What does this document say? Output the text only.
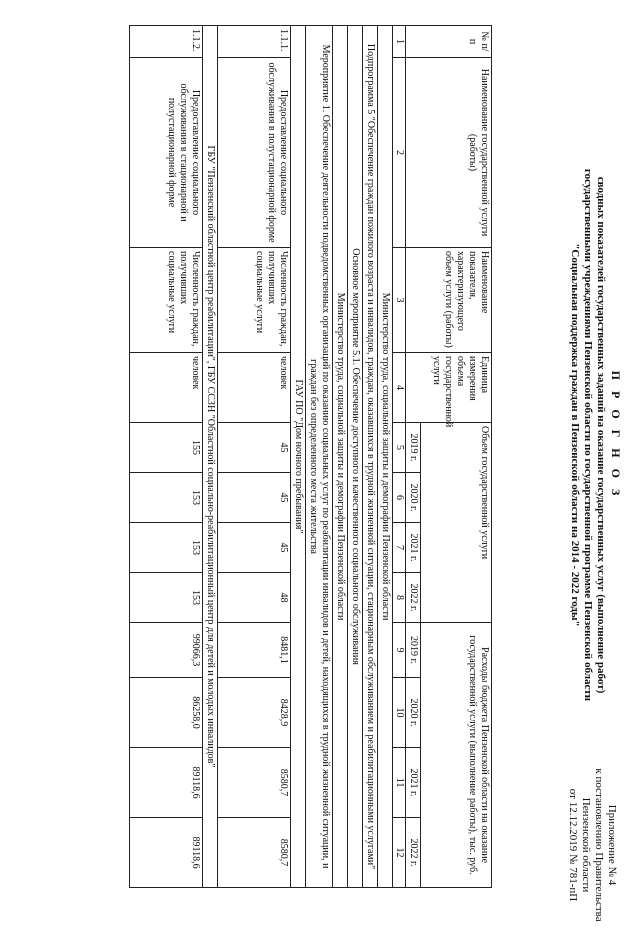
Приложение № 4
к постановлению Правительства
Пензенской области
от 12.12.2019 № 781-пП
П Р О Г Н О З
сводных показателей государственных заданий на оказание государственных услуг (выполнение работ)
государственными учреждениями Пензенской области по государственной программе Пензенской области
"Социальная поддержка граждан в Пензенской области на 2014 - 2022 годы"
№ п/п	Наименование государственной услуги (работы)	Наименование показателя, характеризующего объем услуги (работы)	Единица измерения объема государственной услуги	Объем государственной услуги				Расходы бюджета Пензенской области на оказание государственной услуги (выполнение работы), тыс. руб.			
				2019 г.	2020 г.	2021 г.	2022 г.	2019 г.	2020 г.	2021 г.	2022 г.
1	2	3	4	5	6	7	8	9	10	11	12
Министерство труда, социальной защиты и демографии Пензенской области											
Подпрограмма 5 "Обеспечение граждан пожилого возраста и инвалидов, граждан, оказавшихся в трудной жизненной ситуации, стационарным обслуживанием и реабилитационными услугами"											
Основное мероприятие 5.1. Обеспечение доступного и качественного социального обслуживания											
Министерство труда, социальной защиты и демографии Пензенской области											
Мероприятие 1. Обеспечение деятельности подведомственных организаций по оказанию социальных услуг по реабилитации инвалидов и детей, находящихся в трудной жизненной ситуации, и граждан без определенного места жительства											
ГАУ ПО "Дом ночного пребывания"											
1.1.1.	Предоставление социального обслуживания в полустационарной форме	Численность граждан, получивших социальные услуги	человек	45	45	45	48	8481,1	8428,9	8580,7	8580,7
ГБУ "Пензенский областной центр реабилитации", ГБУ ССЗН "Областной социально-реабилитационный центр для детей и молодых инвалидов"											
1.1.2.	Предоставление социального обслуживания в стационарной и полустационарной форме	Численность граждан, получивших социальные услуги	человек	155	153	153	153	99066,3	86258,0	89118,6	89118,6
